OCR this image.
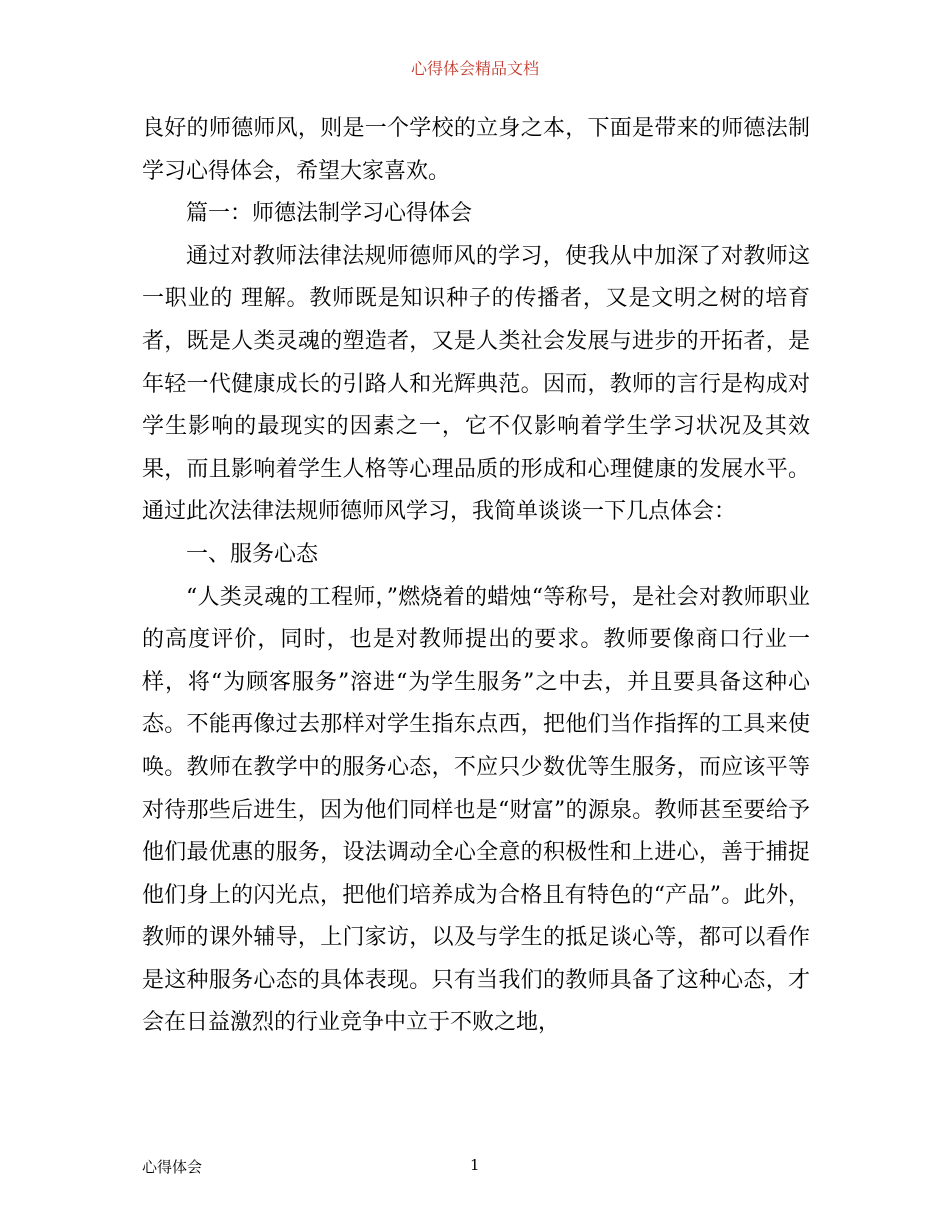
心得体会精品文档

良好的师德师风，则是一个学校的立身之本，下面是带来的师德法制学习心得体会，希望大家喜欢。

篇一：师德法制学习心得体会

通过对教师法律法规师德师风的学习，使我从中加深了对教师这一职业的 理解。教师既是知识种子的传播者，又是文明之树的培育者，既是人类灵魂的塑造者，又是人类社会发展与进步的开拓者，是年轻一代健康成长的引路人和光辉典范。因而，教师的言行是构成对学生影响的最现实的因素之一，它不仅影响着学生学习状况及其效果，而且影响着学生人格等心理品质的形成和心理健康的发展水平。通过此次法律法规师德师风学习，我简单谈谈一下几点体会：

一、服务心态

“人类灵魂的工程师，”燃烧着的蜡烛“等称号，是社会对教师职业的高度评价，同时，也是对教师提出的要求。教师要像商口行业一样，将“为顾客服务”溶进“为学生服务”之中去，并且要具备这种心态。不能再像过去那样对学生指东点西，把他们当作指挥的工具来使唤。教师在教学中的服务心态，不应只少数优等生服务，而应该平等对待那些后进生，因为他们同样也是“财富”的源泉。教师甚至要给予他们最优惠的服务，设法调动全心全意的积极性和上进心，善于捕捉他们身上的闪光点，把他们培养成为合格且有特色的“产品”。此外，教师的课外辅导，上门家访，以及与学生的抵足谈心等，都可以看作是这种服务心态的具体表现。只有当我们的教师具备了这种心态，才会在日益激烈的行业竞争中立于不败之地，

心得体会	1
